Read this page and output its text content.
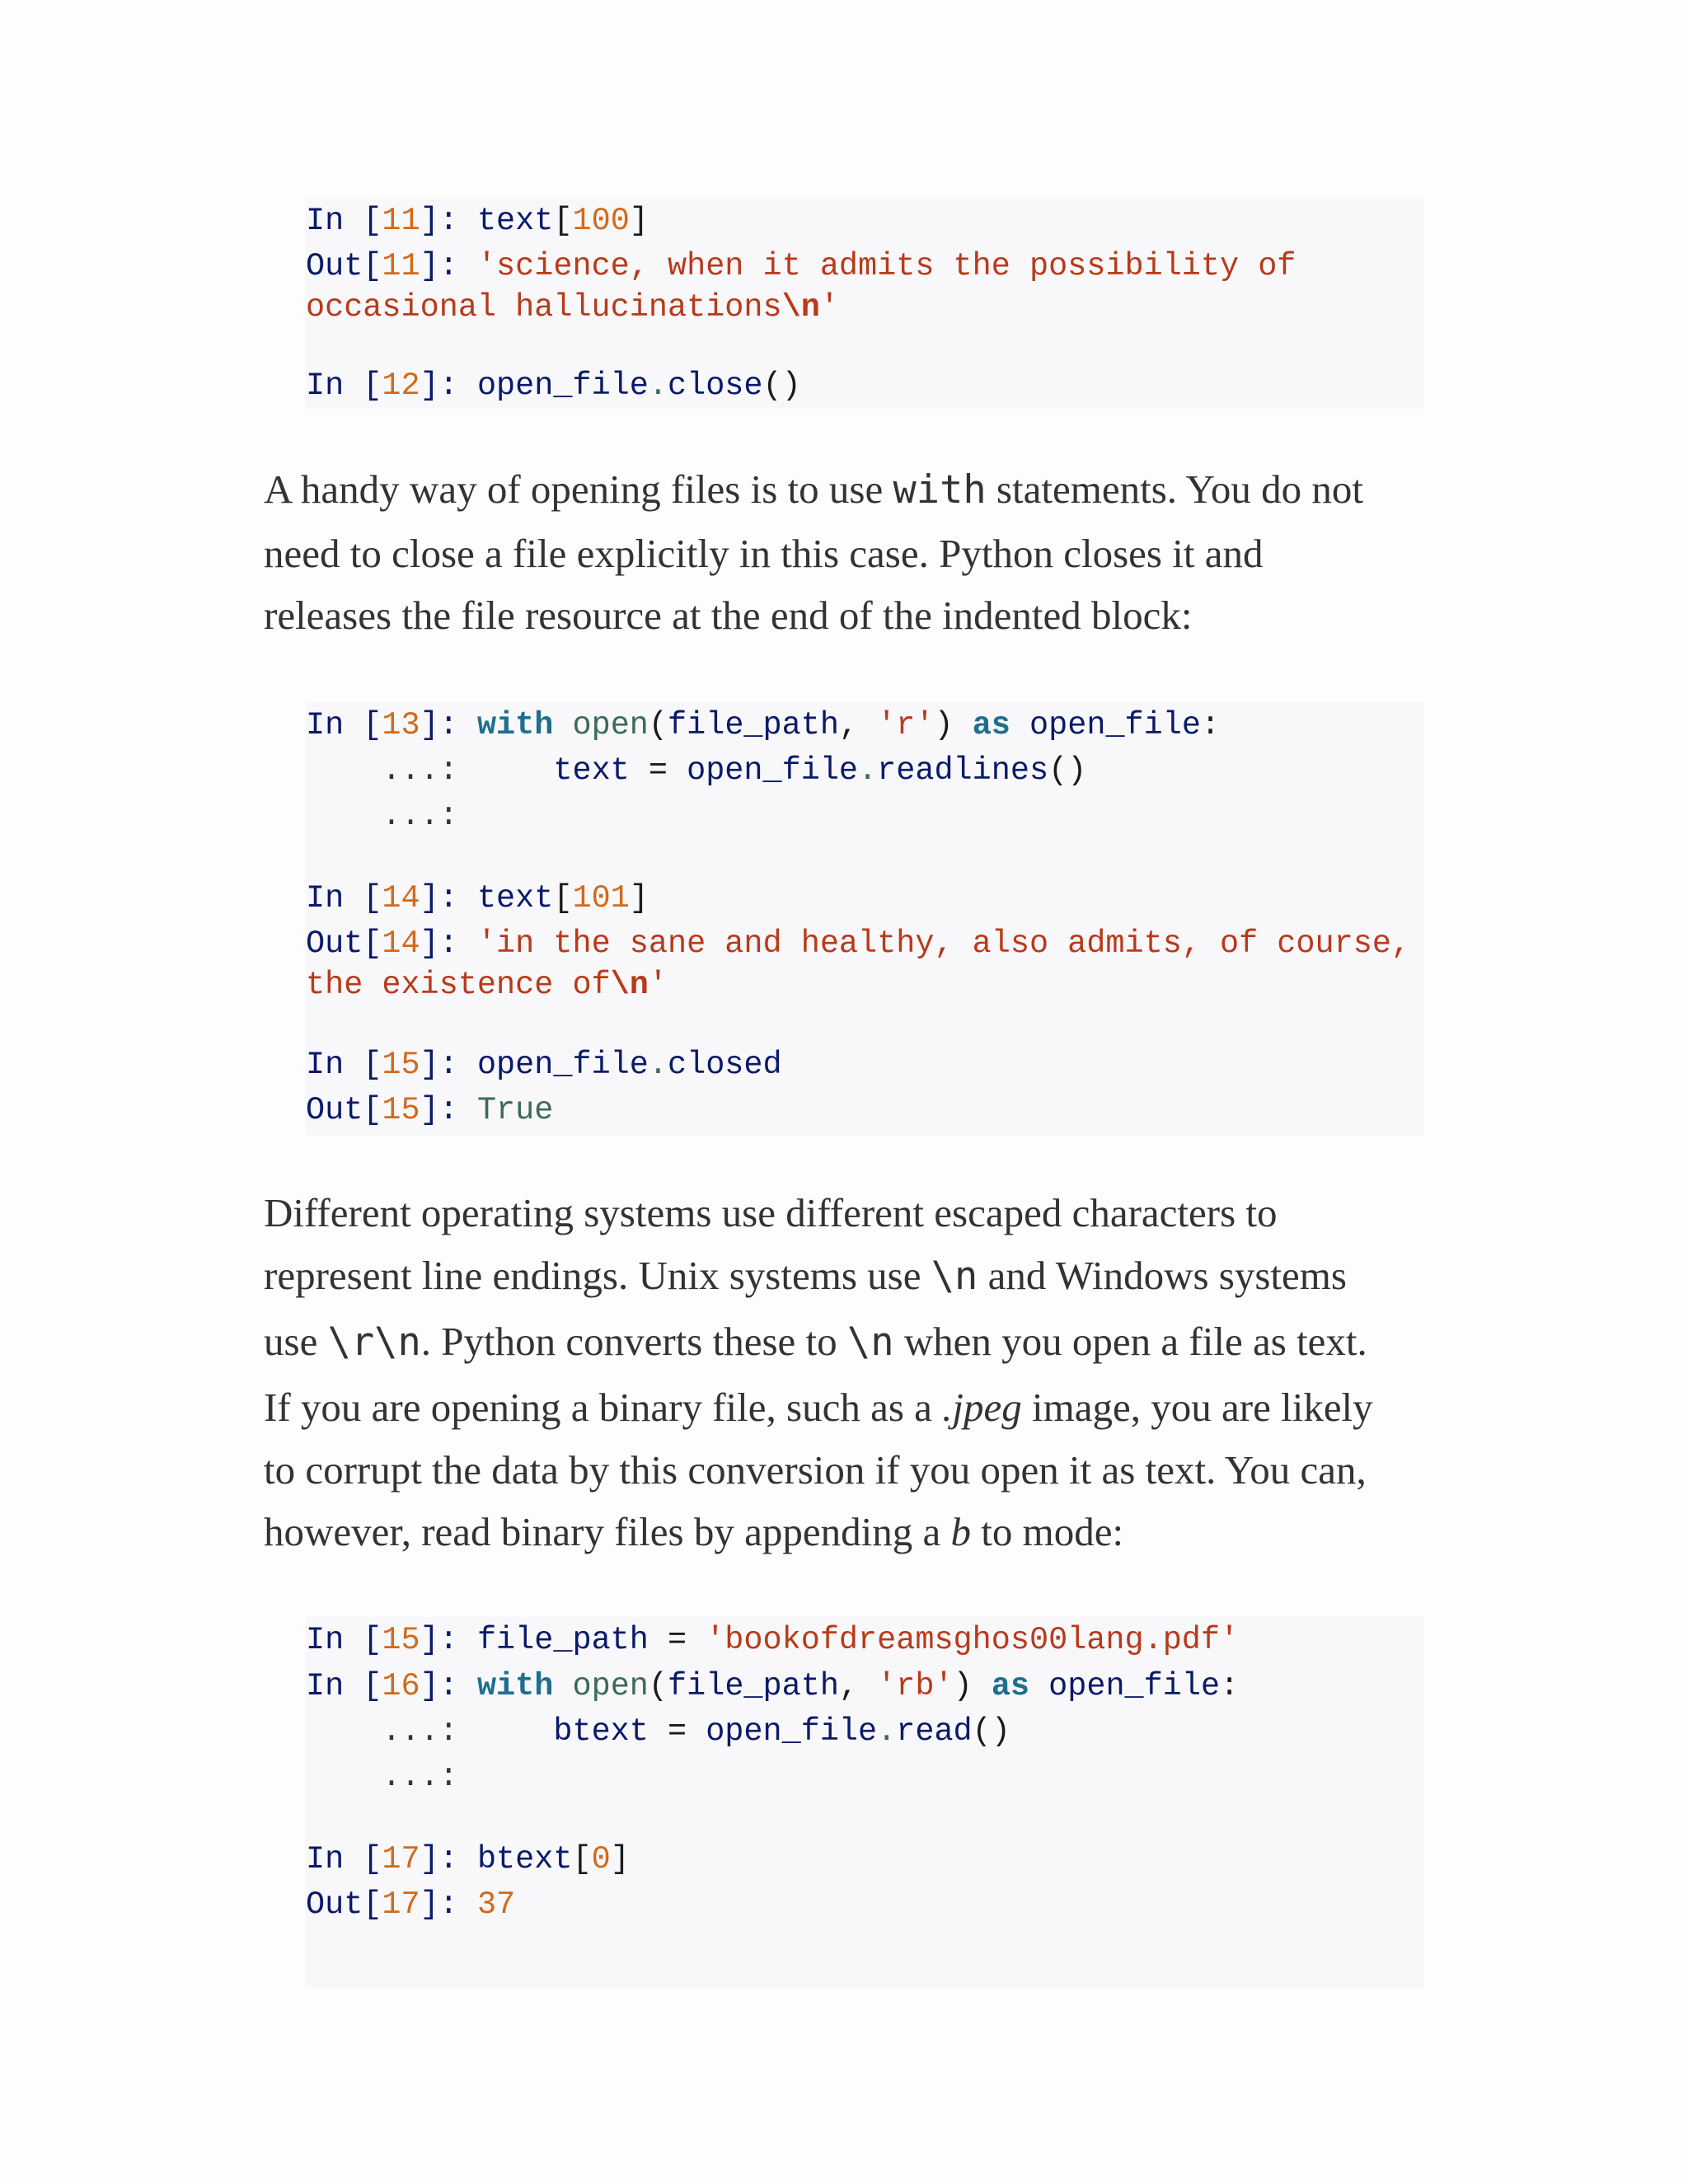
In [11]: text[100]
Out[11]: 'science, when it admits the possibility of
occasional hallucinations\n'
In [12]: open_file.close()
A handy way of opening files is to use with statements. You do not
need to close a file explicitly in this case. Python closes it and
releases the file resource at the end of the indented block:
In [13]: with open(file_path, 'r') as open_file:
...:     text = open_file.readlines()
...:
In [14]: text[101]
Out[14]: 'in the sane and healthy, also admits, of course,
the existence of\n'
In [15]: open_file.closed
Out[15]: True
Different operating systems use different escaped characters to
represent line endings. Unix systems use \n and Windows systems
use \r\n. Python converts these to \n when you open a file as text.
If you are opening a binary file, such as a .jpeg image, you are likely
to corrupt the data by this conversion if you open it as text. You can,
however, read binary files by appending a b to mode:
In [15]: file_path = 'bookofdreamsghos00lang.pdf'
In [16]: with open(file_path, 'rb') as open_file:
...:     btext = open_file.read()
...:
In [17]: btext[0]
Out[17]: 37
